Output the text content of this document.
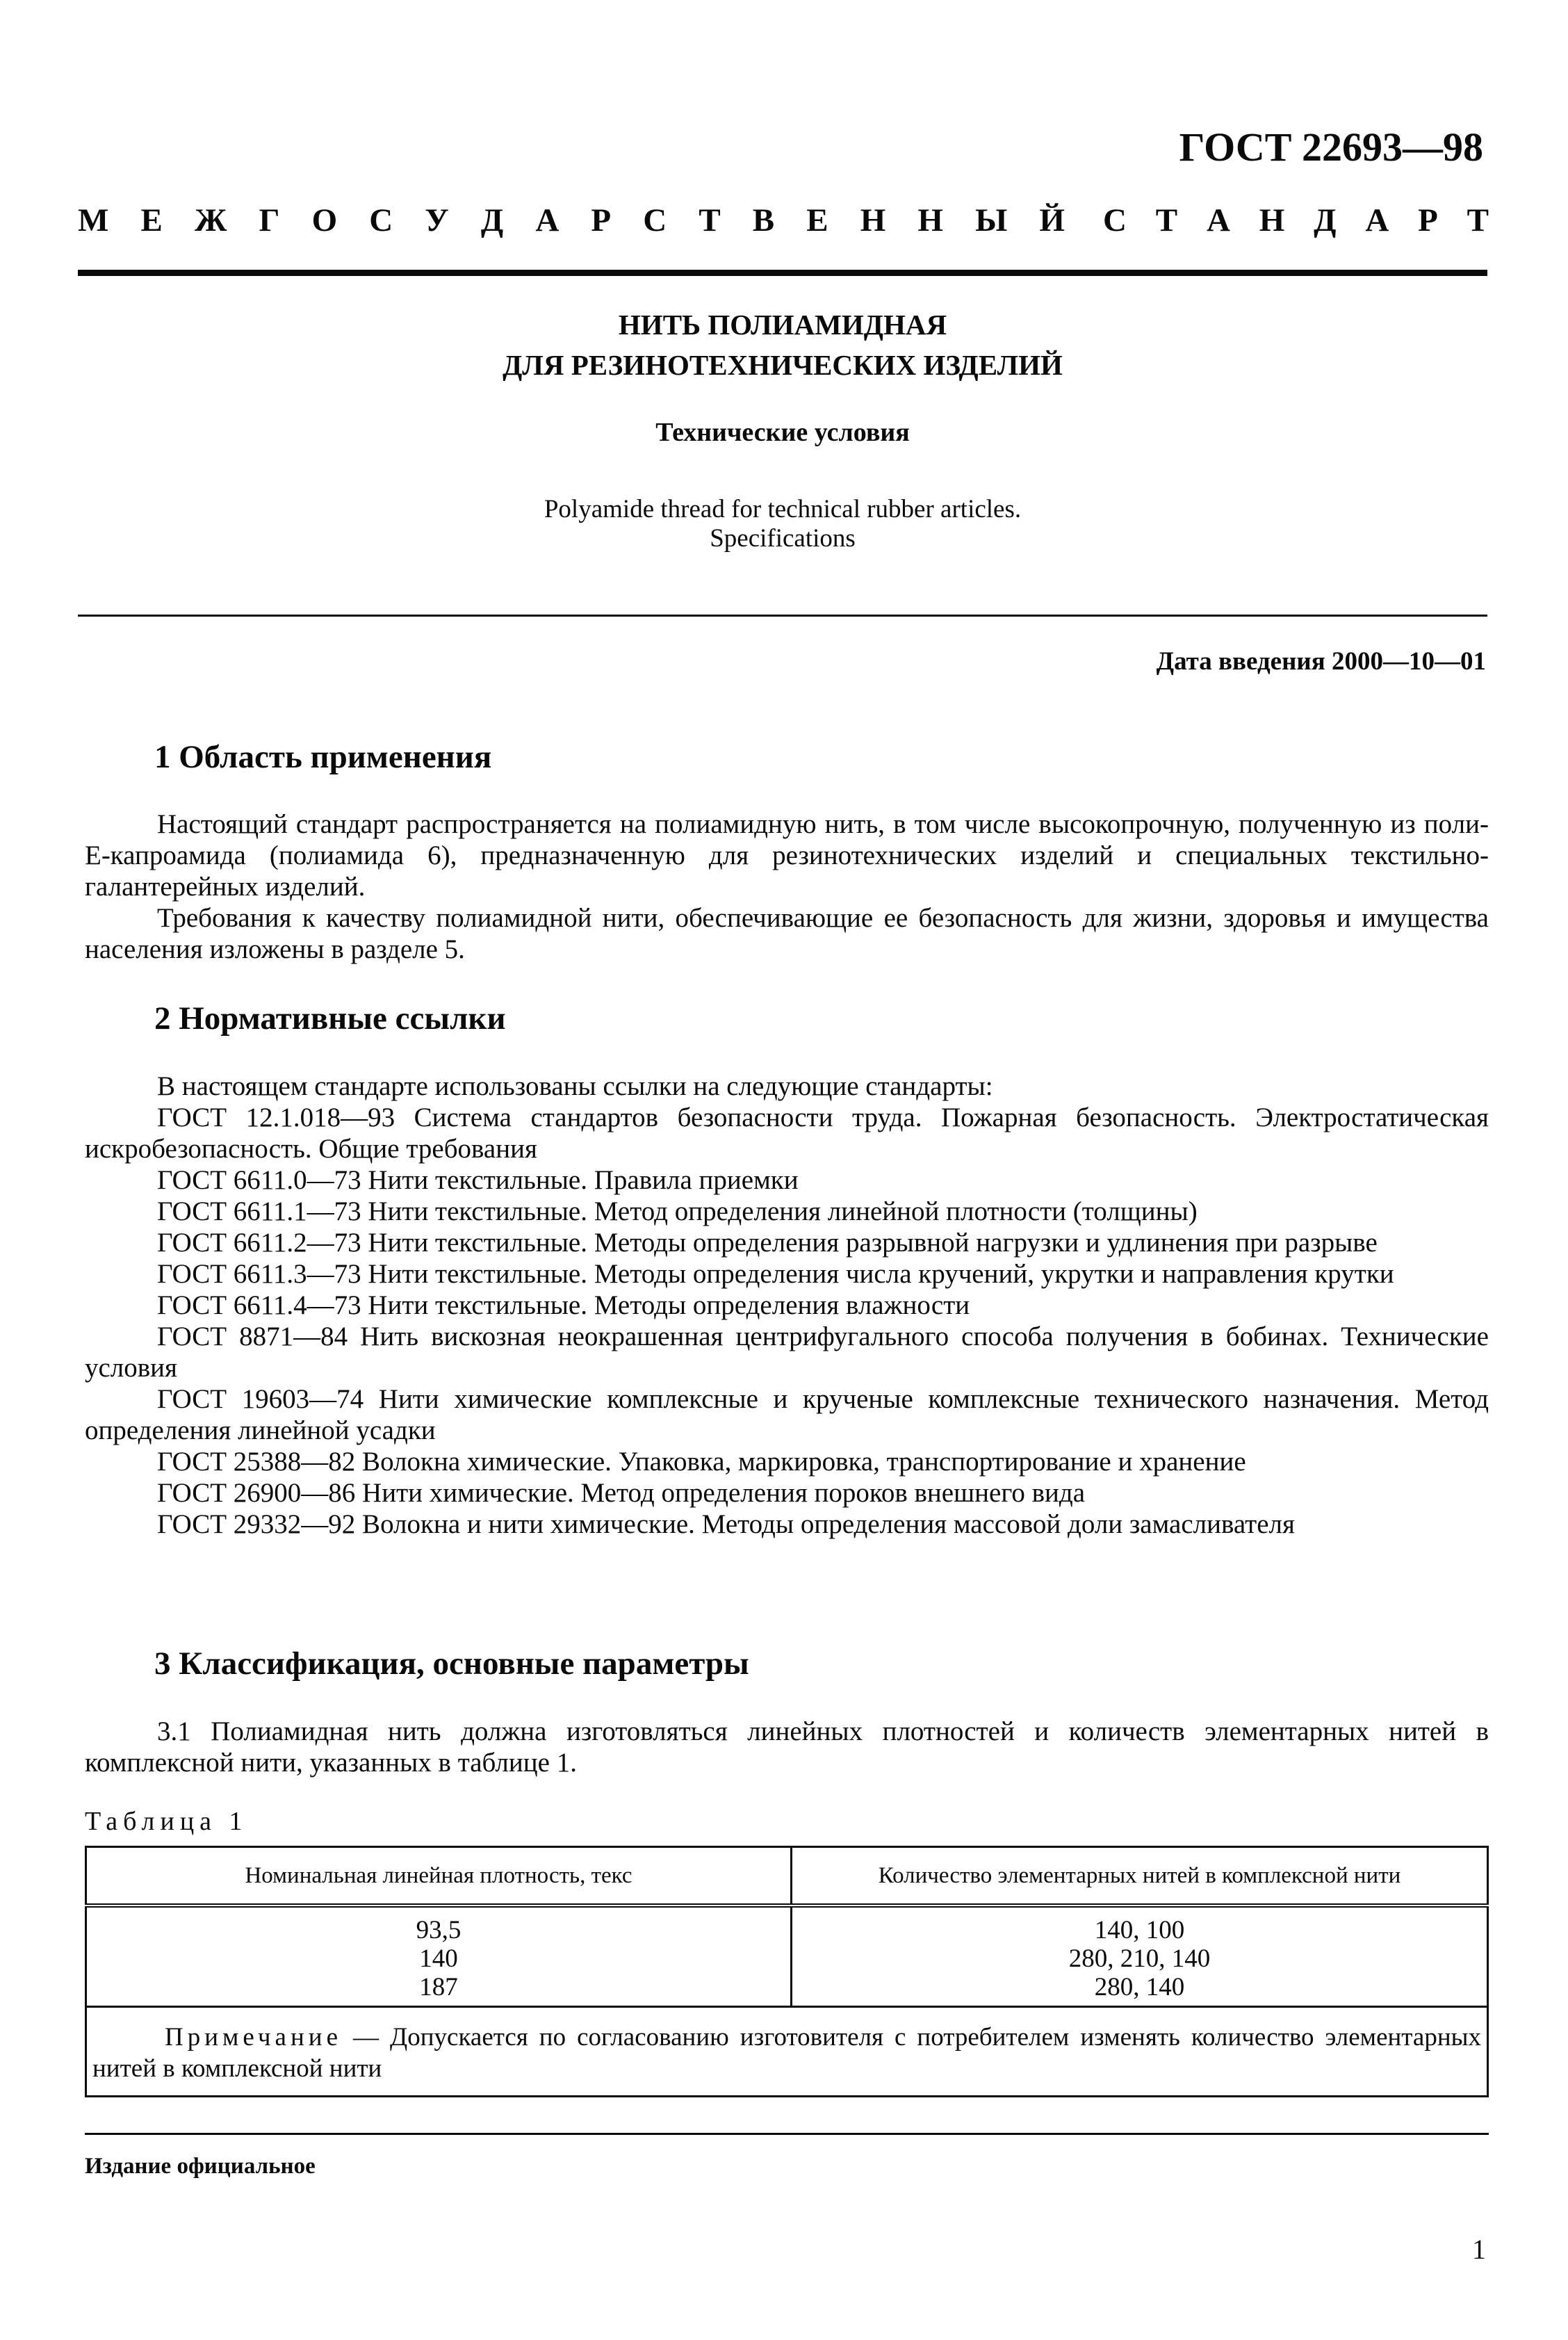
ГОСТ 22693—98
М Е Ж Г О С У Д А Р С Т В Е Н Н Ы Й С Т А Н Д А Р Т
НИТЬ ПОЛИАМИДНАЯ
ДЛЯ РЕЗИНОТЕХНИЧЕСКИХ ИЗДЕЛИЙ
Технические условия
Polyamide thread for technical rubber articles.
Specifications
Дата введения 2000—10—01
1 Область применения

Настоящий стандарт распространяется на полиамидную нить, в том числе высокопрочную, полученную из поли-Е-капроамида (полиамида 6), предназначенную для резинотехнических изделий и специальных текстильно-галантерейных изделий.

Требования к качеству полиамидной нити, обеспечивающие ее безопасность для жизни, здоровья и имущества населения изложены в разделе 5.

2 Нормативные ссылки

В настоящем стандарте использованы ссылки на следующие стандарты:

ГОСТ 12.1.018—93 Система стандартов безопасности труда. Пожарная безопасность. Электростатическая искробезопасность. Общие требования

ГОСТ 6611.0—73 Нити текстильные. Правила приемки

ГОСТ 6611.1—73 Нити текстильные. Метод определения линейной плотности (толщины)

ГОСТ 6611.2—73 Нити текстильные. Методы определения разрывной нагрузки и удлинения при разрыве

ГОСТ 6611.3—73 Нити текстильные. Методы определения числа кручений, укрутки и направления крутки

ГОСТ 6611.4—73 Нити текстильные. Методы определения влажности

ГОСТ 8871—84 Нить вискозная неокрашенная центрифугального способа получения в бобинах. Технические условия

ГОСТ 19603—74 Нити химические комплексные и крученые комплексные технического назначения. Метод определения линейной усадки

ГОСТ 25388—82 Волокна химические. Упаковка, маркировка, транспортирование и хранение

ГОСТ 26900—86 Нити химические. Метод определения пороков внешнего вида

ГОСТ 29332—92 Волокна и нити химические. Методы определения массовой доли замасливателя

3 Классификация, основные параметры

3.1 Полиамидная нить должна изготовляться линейных плотностей и количеств элементарных нитей в комплексной нити, указанных в таблице 1.

Таблица 1
Номинальная линейная плотность, текс	Количество элементарных нитей в комплексной нити
93,5	140, 100
140	280, 210, 140
187	280, 140
Примечание — Допускается по согласованию изготовителя с потребителем изменять количество элементарных нитей в комплексной нити	
Издание официальное
1
